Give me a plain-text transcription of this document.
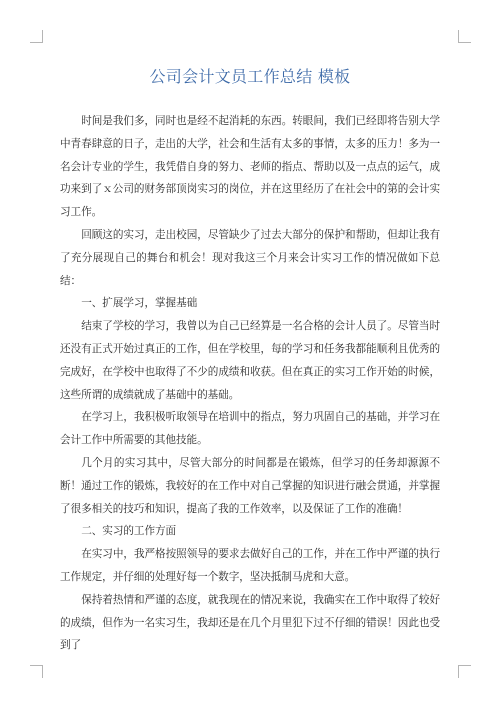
公司会计文员工作总结 模板

时间是我们多，同时也是经不起消耗的东西。转眼间，我们已经即将告别大学中青春肆意的日子，走出的大学，社会和生活有太多的事情，太多的压力！多为一名会计专业的学生，我凭借自身的努力、老师的指点、帮助以及一点点的运气，成功来到了ｘ公司的财务部顶岗实习的岗位，并在这里经历了在社会中的第的会计实习工作。

回顾这的实习，走出校园，尽管缺少了过去大部分的保护和帮助，但却让我有了充分展现自己的舞台和机会！现对我这三个月来会计实习工作的情况做如下总结：

一、扩展学习，掌握基础

结束了学校的学习，我曾以为自己已经算是一名合格的会计人员了。尽管当时还没有正式开始过真正的工作，但在学校里，每的学习和任务我都能顺利且优秀的完成好，在学校中也取得了不少的成绩和收获。但在真正的实习工作开始的时候，这些所谓的成绩就成了基础中的基础。

在学习上，我积极听取领导在培训中的指点，努力巩固自己的基础，并学习在会计工作中所需要的其他技能。

几个月的实习其中，尽管大部分的时间都是在锻炼，但学习的任务却源源不断！通过工作的锻炼，我较好的在工作中对自己掌握的知识进行融会贯通，并掌握了很多相关的技巧和知识，提高了我的工作效率，以及保证了工作的准确！

二、实习的工作方面

在实习中，我严格按照领导的要求去做好自己的工作，并在工作中严谨的执行工作规定，并仔细的处理好每一个数字，坚决抵制马虎和大意。

保持着热情和严谨的态度，就我现在的情况来说，我确实在工作中取得了较好的成绩，但作为一名实习生，我却还是在几个月里犯下过不仔细的错误！因此也受到了
